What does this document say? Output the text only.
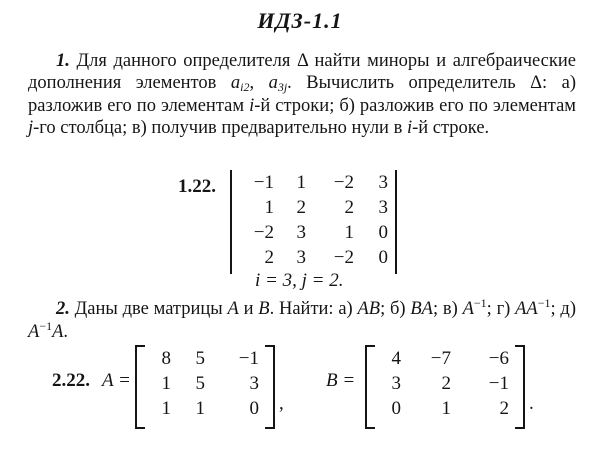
ИДЗ-1.1
1. Для данного определителя Δ найти миноры и алгебраические дополнения элементов ai2, a3j. Вычислить определитель Δ: а) разложив его по элементам i-й строки; б) разложив его по элементам j-го столбца; в) получив предварительно нули в i-й строке.
1.22.	−1	1	−2	3
1	2	2	3
−2	3	1	0
2	3	−2	0
i = 3, j = 2.
2. Даны две матрицы A и B. Найти: а) AB; б) BA; в) $A^{-1}$; г) $AA^{-1}$; д) $A^{-1}A$.
2.22. A =
8	5	−1
1	5	3
1	1	0	,
B =
4	−7	−6
3	2	−1
0	1	2	.
